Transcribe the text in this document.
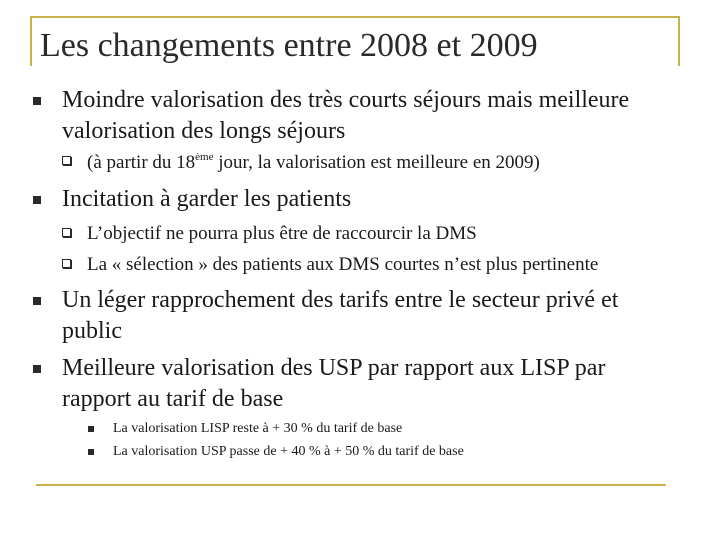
Les changements entre 2008 et 2009
Moindre valorisation des très courts séjours mais meilleure valorisation des longs séjours
(à partir du 18ème jour, la valorisation est meilleure en 2009)
Incitation à garder les patients
L’objectif ne pourra plus être de raccourcir la DMS
La « sélection » des patients aux DMS courtes n’est plus pertinente
Un léger rapprochement des tarifs entre le secteur privé et public
Meilleure valorisation des USP par rapport aux LISP par rapport au tarif de base
La valorisation LISP reste à + 30 % du tarif de base
La valorisation USP passe de + 40 % à + 50 % du tarif de base
